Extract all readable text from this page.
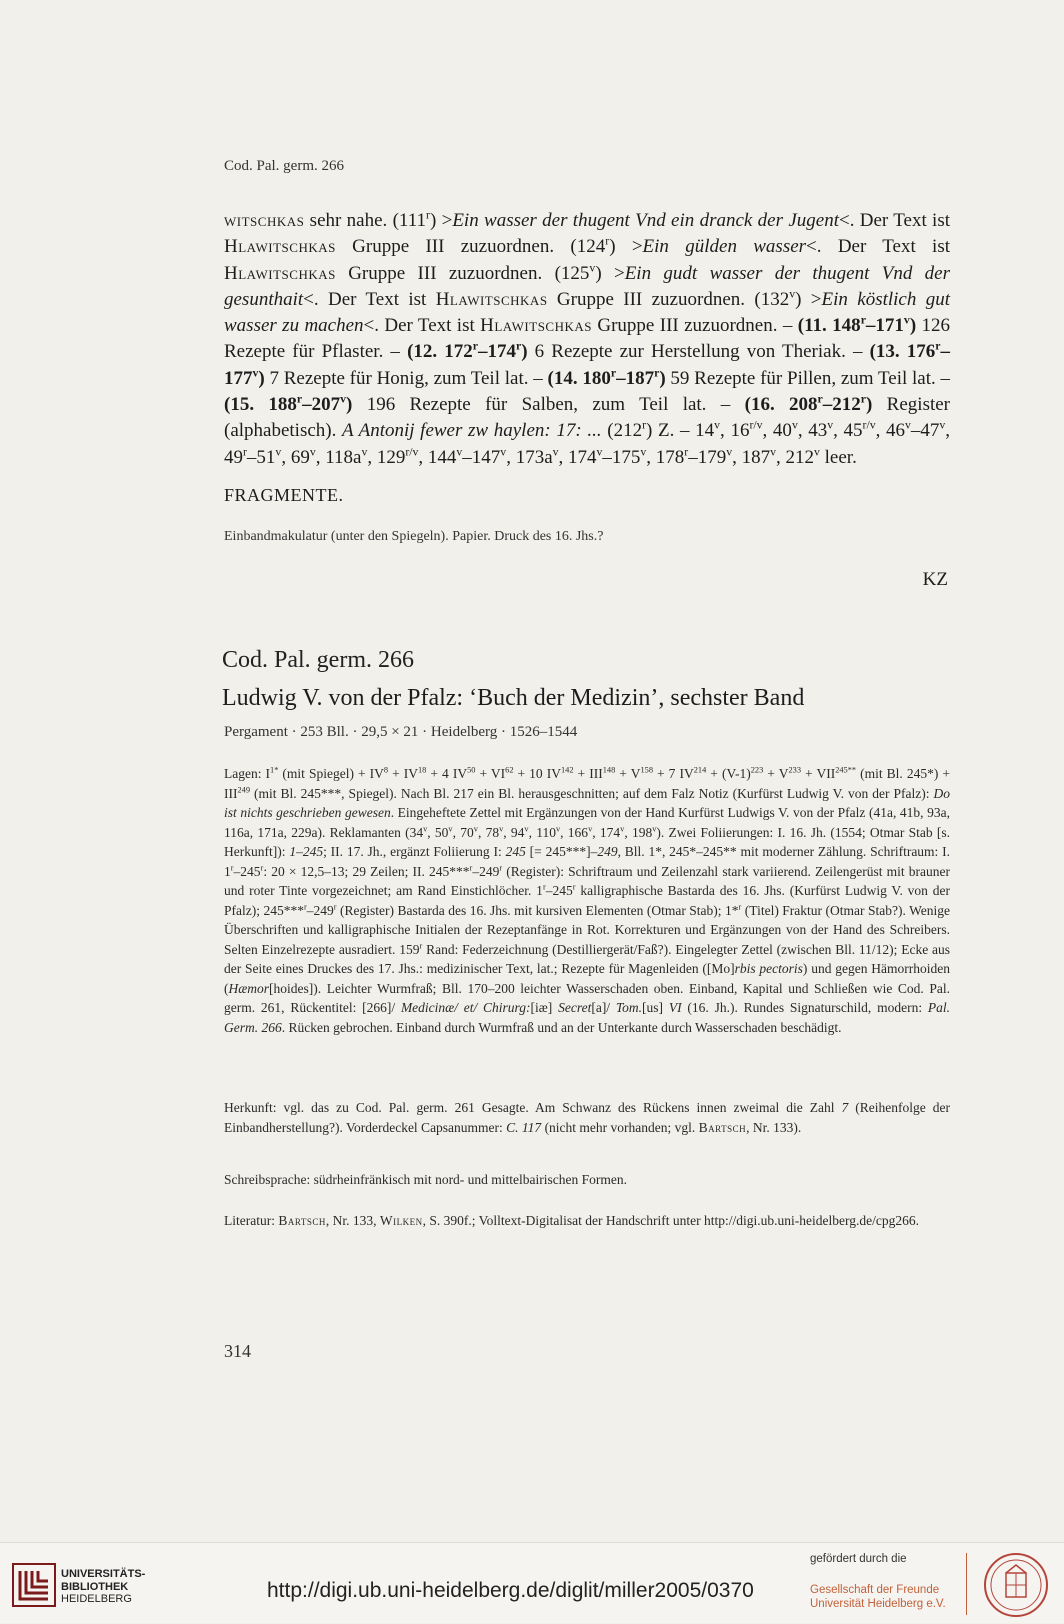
Cod. Pal. germ. 266
witschkas sehr nahe. $(111^r) >Ein$ wasser der thugent Vnd ein dranck der Jugent<. Der Text ist Hlawitschkas Gruppe III zuzuordnen. $(124^r) >Ein$ gülden wasser<. Der Text ist Hlawitschkas Gruppe III zuzuordnen. $(125^v) >Ein$ gudt wasser der thugent Vnd der gesunthait<. Der Text ist Hlawitschkas Gruppe III zuzuordnen. $(132^v) >Ein$ köstlich gut wasser zu machen<. Der Text ist Hlawitschkas Gruppe III zuzuordnen. – (11. 148$^r$–171$^v$) 126 Rezepte für Pflaster. – (12. 172$^r$–174$^r$) 6 Rezepte zur Herstellung von Theriak. – (13. 176$^r$–177$^v$) 7 Rezepte für Honig, zum Teil lat. – (14. 180$^r$–187$^r$) 59 Rezepte für Pillen, zum Teil lat. – (15. 188$^r$–207$^v$) 196 Rezepte für Salben, zum Teil lat. – (16. 208$^r$–212$^r$) Register (alphabetisch). A Antonij fewer zw haylen: 17: ... (212$^r$) Z. – 14$^v$, $16^{r/v}$, 40$^v$, 43$^v$, $45^{r/v}$, 46$^v$–47$^v$, 49$^r$–51$^v$, 69$^v$, $118a^v$, $129^{r/v}$, 144$^v$–147$^v$, $173a^v$, 174$^v$–175$^v$, 178$^r$–179$^v$, 187$^v$, 212$^v$ leer.
FRAGMENTE.
Einbandmakulatur (unter den Spiegeln). Papier. Druck des 16. Jhs.?
KZ
Cod. Pal. germ. 266
Ludwig V. von der Pfalz: ‘Buch der Medizin’, sechster Band
Pergament · 253 Bll. · 29,5 × 21 · Heidelberg · 1526–1544
Lagen: $I^{1*}$ (mit Spiegel) + $IV^8 + IV^{18} + 4$ $IV^{50} + VI^{62} + 10$ $IV^{142} + III^{148} + V^{158} + 7$ $IV^{214} + (V-1)^{223} + V^{233} + VII^{245**}$ (mit Bl. $245*) + III^{249}$ (mit Bl. 245***, Spiegel). Nach Bl. 217 ein Bl. herausgeschnitten; auf dem Falz Notiz (Kurfürst Ludwig V. von der Pfalz): Do ist nichts geschrieben gewesen. Eingeheftete Zettel mit Ergänzungen von der Hand Kurfürst Ludwigs V. von der Pfalz (41a, 41b, 93a, 116a, 171a, 229a). Reklamanten (34$^v$, 50$^v$, 70$^v$, 78$^v$, 94$^v$, 110$^v$, 166$^v$, 174$^v$, 198$^v$). Zwei Foliierungen: I. 16. Jh. (1554; Otmar Stab [s. Herkunft]): 1–245; II. 17. Jh., ergänzt Foliierung I: 245 [= 245***]–249, Bll. 1*, 245*–245** mit moderner Zählung. Schriftraum: I. 1$^r$–245$^r$: 20 × 12,5–13; 29 Zeilen; II. 245***$^r$–249$^r$ (Register): Schriftraum und Zeilenzahl stark variierend. Zeilengerüst mit brauner und roter Tinte vorgezeichnet; am Rand Einstichlöcher. 1$^r$–245$^r$ kalligraphische Bastarda des 16. Jhs. (Kurfürst Ludwig V. von der Pfalz); 245***$^r$–249$^r$ (Register) Bastarda des 16. Jhs. mit kursiven Elementen (Otmar Stab); 1*$^r$ (Titel) Fraktur (Otmar Stab?). Wenige Überschriften und kalligraphische Initialen der Rezeptanfänge in Rot. Korrekturen und Ergänzungen von der Hand des Schreibers. Selten Einzelrezepte ausradiert. 159$^r$ Rand: Federzeichnung (Destilliergerät/Faß?). Eingelegter Zettel (zwischen Bll. 11/12); Ecke aus der Seite eines Druckes des 17. Jhs.: medizinischer Text, lat.; Rezepte für Magenleiden ([Mo]rbis pectoris) und gegen Hämorrhoiden (Hæmor[hoides]). Leichter Wurmfraß; Bll. 170–200 leichter Wasserschaden oben. Einband, Kapital und Schließen wie Cod. Pal. germ. 261, Rückentitel: [266]/ Medicinæ/ et/ Chirurg:[iæ] Secret[a]/ Tom.[us] VI (16. Jh.). Rundes Signaturschild, modern: Pal. Germ. 266. Rücken gebrochen. Einband durch Wurmfraß und an der Unterkante durch Wasserschaden beschädigt.
Herkunft: vgl. das zu Cod. Pal. germ. 261 Gesagte. Am Schwanz des Rückens innen zweimal die Zahl 7 (Reihenfolge der Einbandherstellung?). Vorderdeckel Capsanummer: C. 117 (nicht mehr vorhanden; vgl. Bartsch, Nr. 133).
Schreibsprache: südrheinfränkisch mit nord- und mittelbairischen Formen.
Literatur: Bartsch, Nr. 133, Wilken, S. 390f.; Volltext-Digitalisat der Handschrift unter http://digi.ub.uni-heidelberg.de/cpg266.
314
UNIVERSITÄTS-
BIBLIOTHEK
HEIDELBERG	http://digi.ub.uni-heidelberg.de/diglit/miller2005/0370
gefördert durch die
Gesellschaft der Freunde
Universität Heidelberg e.V.
